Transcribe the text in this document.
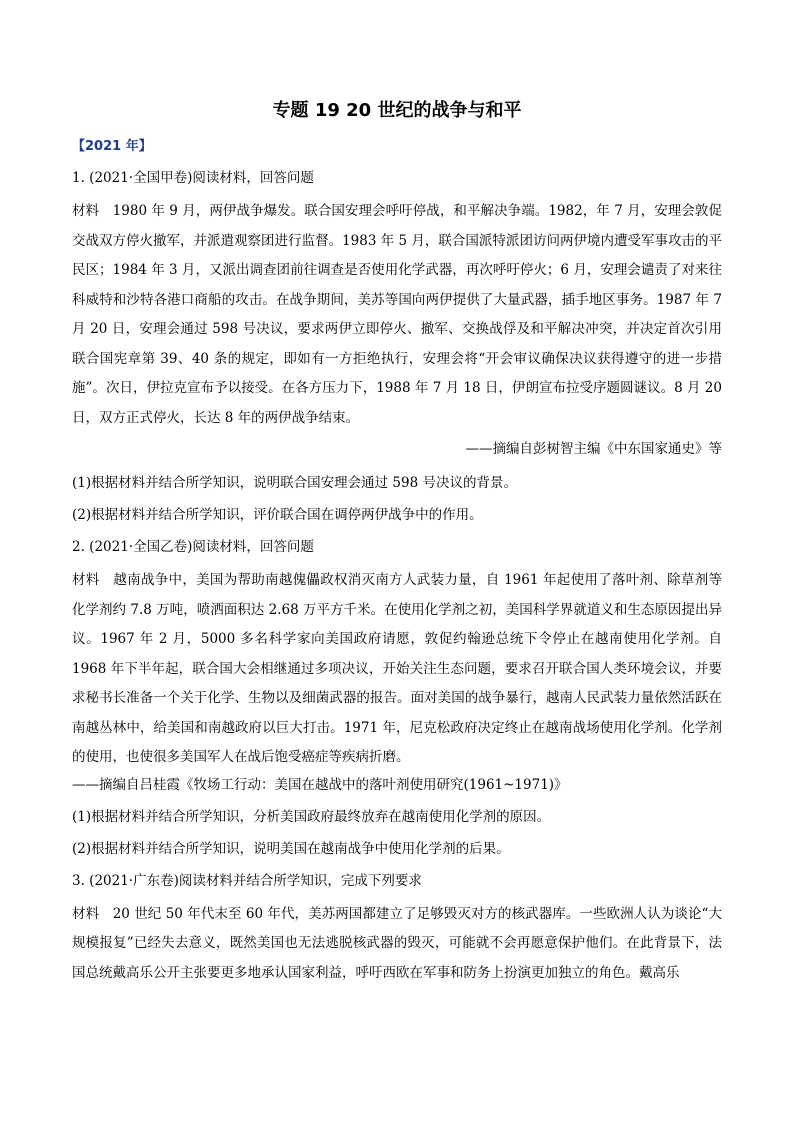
专题 19 20 世纪的战争与和平
【2021 年】
1. (2021·全国甲卷)阅读材料，回答问题

材料　1980 年 9 月，两伊战争爆发。联合国安理会呼吁停战，和平解决争端。1982，年 7 月，安理会敦促交战双方停火撤军，并派遣观察团进行监督。1983 年 5 月，联合国派特派团访问两伊境内遭受军事攻击的平民区；1984 年 3 月，又派出调查团前往调查是否使用化学武器，再次呼吁停火；6 月，安理会谴责了对来往科威特和沙特各港口商船的攻击。在战争期间，美苏等国向两伊提供了大量武器，插手地区事务。1987 年 7 月 20 日，安理会通过 598 号决议，要求两伊立即停火、撤军、交换战俘及和平解决冲突，并决定首次引用联合国宪章第 39、40 条的规定，即如有一方拒绝执行，安理会将“开会审议确保决议获得遵守的进一步措施”。次日，伊拉克宣布予以接受。在各方压力下，1988 年 7 月 18 日，伊朗宣布拉受序题圆谜议。8 月 20 日，双方正式停火，长达 8 年的两伊战争结束。

——摘编自彭树智主编《中东国家通史》等
(1)根据材料并结合所学知识，说明联合国安理会通过 598 号决议的背景。
(2)根据材料并结合所学知识，评价联合国在调停两伊战争中的作用。
2. (2021·全国乙卷)阅读材料，回答问题

材料　越南战争中，美国为帮助南越傀儡政权消灭南方人武装力量，自 1961 年起使用了落叶剂、除草剂等化学剂约 7.8 万吨，喷洒面积达 2.68 万平方千米。在使用化学剂之初，美国科学界就道义和生态原因提出异议。1967 年 2 月，5000 多名科学家向美国政府请愿，敦促约翰逊总统下令停止在越南使用化学剂。自 1968 年下半年起，联合国大会相继通过多项决议，开始关注生态问题，要求召开联合国人类环境会议，并要求秘书长准备一个关于化学、生物以及细菌武器的报告。面对美国的战争暴行，越南人民武装力量依然活跃在南越丛林中，给美国和南越政府以巨大打击。1971 年，尼克松政府决定终止在越南战场使用化学剂。化学剂的使用，也使很多美国军人在战后饱受癌症等疾病折磨。

——摘编自吕桂霞《牧场工行动：美国在越战中的落叶剂使用研究(1961~1971)》
(1)根据材料并结合所学知识，分析美国政府最终放弃在越南使用化学剂的原因。
(2)根据材料并结合所学知识，说明美国在越南战争中使用化学剂的后果。
3. (2021·广东卷)阅读材料并结合所学知识，完成下列要求

材料　20 世纪 50 年代末至 60 年代，美苏两国都建立了足够毁灭对方的核武器库。一些欧洲人认为谈论“大规模报复”已经失去意义，既然美国也无法逃脱核武器的毁灭，可能就不会再愿意保护他们。在此背景下，法国总统戴高乐公开主张要更多地承认国家利益，呼吁西欧在军事和防务上扮演更加独立的角色。戴高乐
